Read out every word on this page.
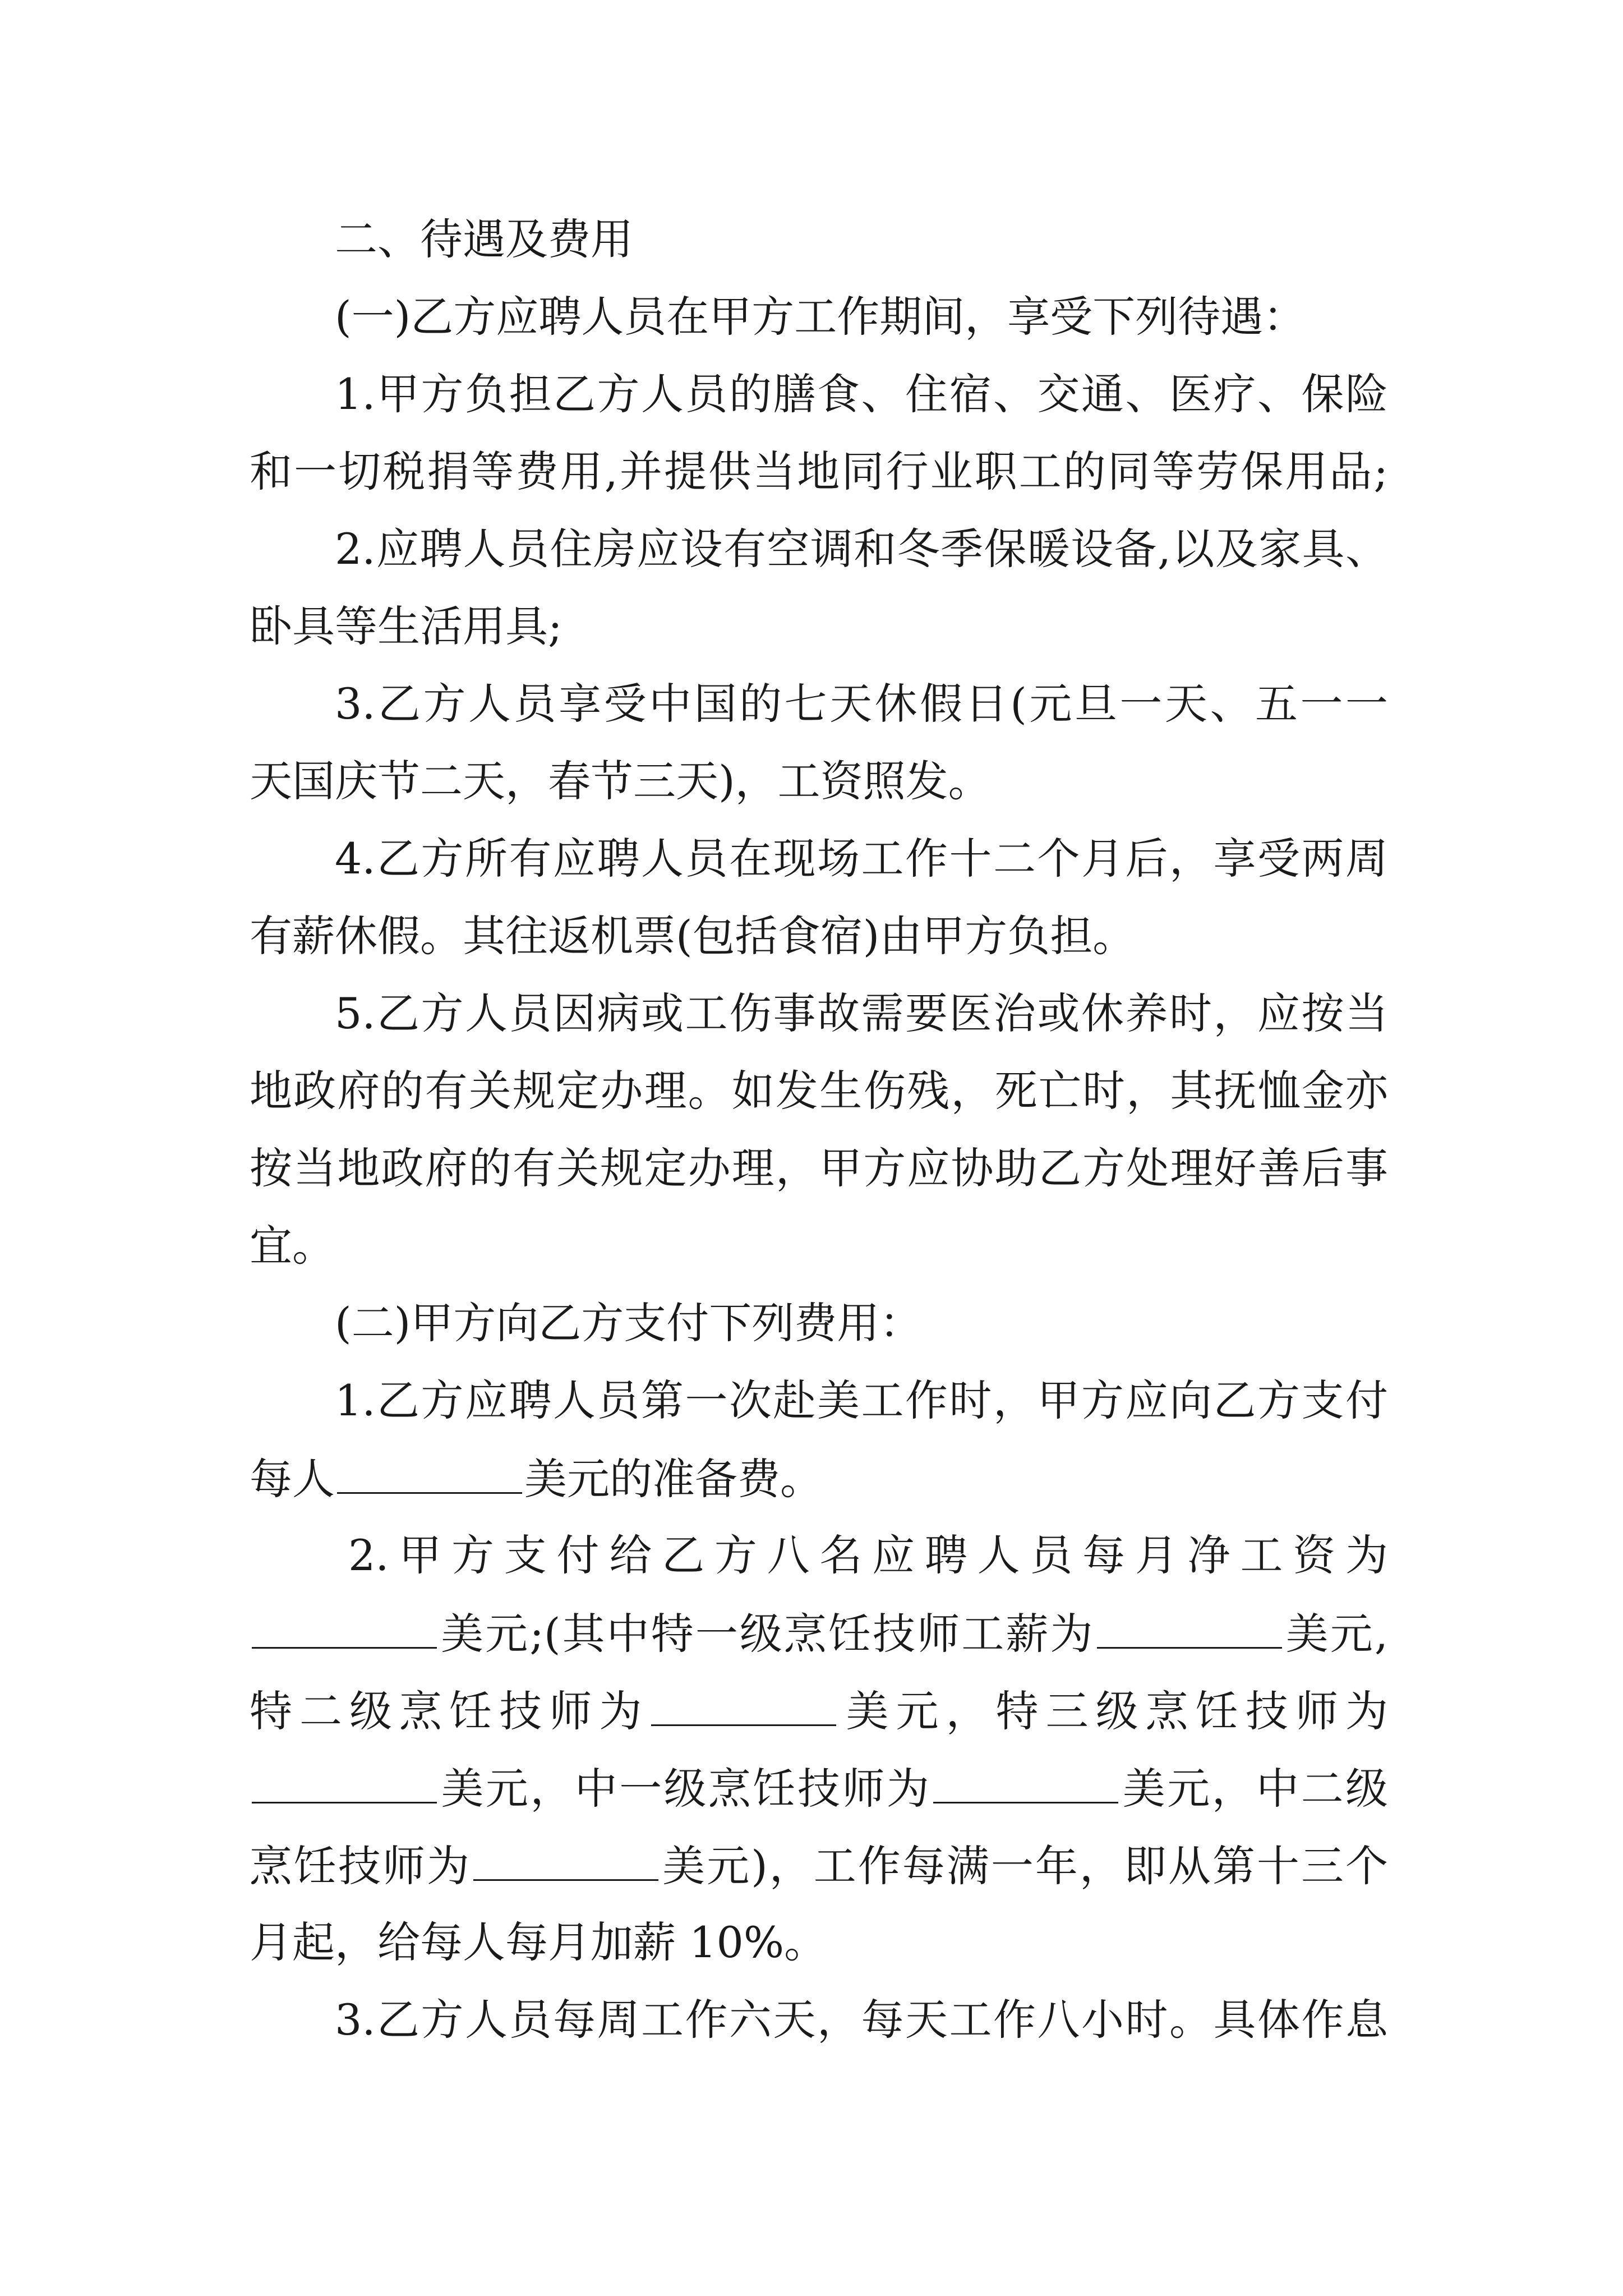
二、待遇及费用
(一)乙方应聘人员在甲方工作期间，享受下列待遇：
1.甲方负担乙方人员的膳食、住宿、交通、医疗、保险
和一切税捐等费用,并提供当地同行业职工的同等劳保用品;
2.应聘人员住房应设有空调和冬季保暖设备,以及家具、
卧具等生活用具;
3.乙方人员享受中国的七天休假日(元旦一天、五一一
天国庆节二天，春节三天)，工资照发。
4.乙方所有应聘人员在现场工作十二个月后，享受两周
有薪休假。其往返机票(包括食宿)由甲方负担。
5.乙方人员因病或工伤事故需要医治或休养时，应按当
地政府的有关规定办理。如发生伤残，死亡时，其抚恤金亦
按当地政府的有关规定办理，甲方应协助乙方处理好善后事
宜。
(二)甲方向乙方支付下列费用：
1.乙方应聘人员第一次赴美工作时，甲方应向乙方支付
每人	美元的准备费。
2.甲方支付给乙方八名应聘人员每月净工资为
美元;(其中特一级烹饪技师工薪为	美元,
特二级烹饪技师为	美元，特三级烹饪技师为
美元，中一级烹饪技师为	美元，中二级
烹饪技师为	美元)，工作每满一年，即从第十三个
月起，给每人每月加薪 10%。
3.乙方人员每周工作六天，每天工作八小时。具体作息
